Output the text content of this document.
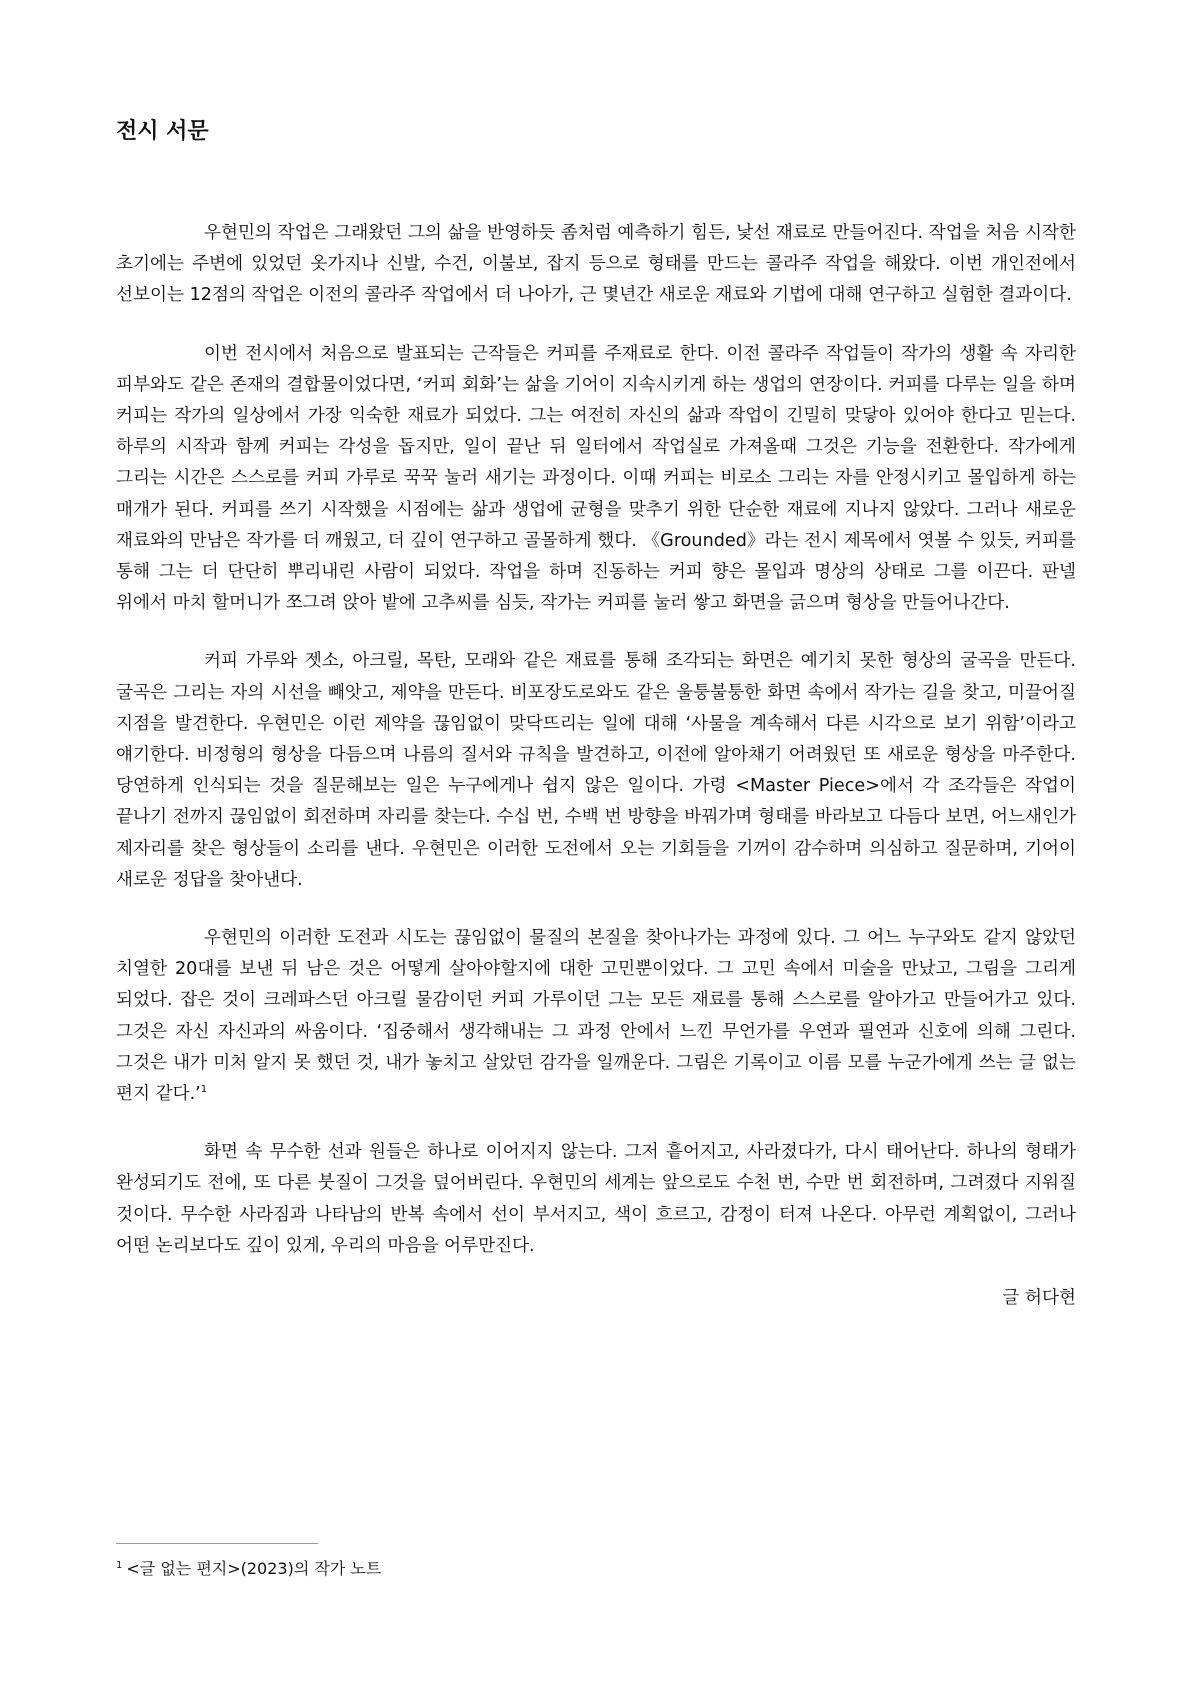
전시 서문

우현민의 작업은 그래왔던 그의 삶을 반영하듯 좀처럼 예측하기 힘든, 낯선 재료로 만들어진다. 작업을 처음 시작한 초기에는 주변에 있었던 옷가지나 신발, 수건, 이불보, 잡지 등으로 형태를 만드는 콜라주 작업을 해왔다. 이번 개인전에서 선보이는 12점의 작업은 이전의 콜라주 작업에서 더 나아가, 근 몇년간 새로운 재료와 기법에 대해 연구하고 실험한 결과이다.

이번 전시에서 처음으로 발표되는 근작들은 커피를 주재료로 한다. 이전 콜라주 작업들이 작가의 생활 속 자리한 피부와도 같은 존재의 결합물이었다면, ‘커피 회화’는 삶을 기어이 지속시키게 하는 생업의 연장이다. 커피를 다루는 일을 하며 커피는 작가의 일상에서 가장 익숙한 재료가 되었다. 그는 여전히 자신의 삶과 작업이 긴밀히 맞닿아 있어야 한다고 믿는다. 하루의 시작과 함께 커피는 각성을 돕지만, 일이 끝난 뒤 일터에서 작업실로 가져올때 그것은 기능을 전환한다. 작가에게 그리는 시간은 스스로를 커피 가루로 꾹꾹 눌러 새기는 과정이다. 이때 커피는 비로소 그리는 자를 안정시키고 몰입하게 하는 매개가 된다. 커피를 쓰기 시작했을 시점에는 삶과 생업에 균형을 맞추기 위한 단순한 재료에 지나지 않았다. 그러나 새로운 재료와의 만남은 작가를 더 깨웠고, 더 깊이 연구하고 골몰하게 했다. 《Grounded》라는 전시 제목에서 엿볼 수 있듯, 커피를 통해 그는 더 단단히 뿌리내린 사람이 되었다. 작업을 하며 진동하는 커피 향은 몰입과 명상의 상태로 그를 이끈다. 판넬 위에서 마치 할머니가 쪼그려 앉아 밭에 고추씨를 심듯, 작가는 커피를 눌러 쌓고 화면을 긁으며 형상을 만들어나간다.

커피 가루와 젯소, 아크릴, 목탄, 모래와 같은 재료를 통해 조각되는 화면은 예기치 못한 형상의 굴곡을 만든다. 굴곡은 그리는 자의 시선을 빼앗고, 제약을 만든다. 비포장도로와도 같은 울퉁불퉁한 화면 속에서 작가는 길을 찾고, 미끌어질 지점을 발견한다. 우현민은 이런 제약을 끊임없이 맞닥뜨리는 일에 대해 ‘사물을 계속해서 다른 시각으로 보기 위함’이라고 얘기한다. 비정형의 형상을 다듬으며 나름의 질서와 규칙을 발견하고, 이전에 알아채기 어려웠던 또 새로운 형상을 마주한다. 당연하게 인식되는 것을 질문해보는 일은 누구에게나 쉽지 않은 일이다. 가령 <Master Piece>에서 각 조각들은 작업이 끝나기 전까지 끊임없이 회전하며 자리를 찾는다. 수십 번, 수백 번 방향을 바꿔가며 형태를 바라보고 다듬다 보면, 어느새인가 제자리를 찾은 형상들이 소리를 낸다. 우현민은 이러한 도전에서 오는 기회들을 기꺼이 감수하며 의심하고 질문하며, 기어이 새로운 정답을 찾아낸다.

우현민의 이러한 도전과 시도는 끊임없이 물질의 본질을 찾아나가는 과정에 있다. 그 어느 누구와도 같지 않았던 치열한 20대를 보낸 뒤 남은 것은 어떻게 살아야할지에 대한 고민뿐이었다. 그 고민 속에서 미술을 만났고, 그림을 그리게 되었다. 잡은 것이 크레파스던 아크릴 물감이던 커피 가루이던 그는 모든 재료를 통해 스스로를 알아가고 만들어가고 있다. 그것은 자신 자신과의 싸움이다. ‘집중해서 생각해내는 그 과정 안에서 느낀 무언가를 우연과 필연과 신호에 의해 그린다. 그것은 내가 미처 알지 못 했던 것, 내가 놓치고 살았던 감각을 일깨운다. 그림은 기록이고 이름 모를 누군가에게 쓰는 글 없는 편지 같다.’$^1$

화면 속 무수한 선과 원들은 하나로 이어지지 않는다. 그저 흩어지고, 사라졌다가, 다시 태어난다. 하나의 형태가 완성되기도 전에, 또 다른 붓질이 그것을 덮어버린다. 우현민의 세계는 앞으로도 수천 번, 수만 번 회전하며, 그려졌다 지워질 것이다. 무수한 사라짐과 나타남의 반복 속에서 선이 부서지고, 색이 흐르고, 감정이 터져 나온다. 아무런 계획없이, 그러나 어떤 논리보다도 깊이 있게, 우리의 마음을 어루만진다.

글 허다현

$^1$ <글 없는 편지>(2023)의 작가 노트
